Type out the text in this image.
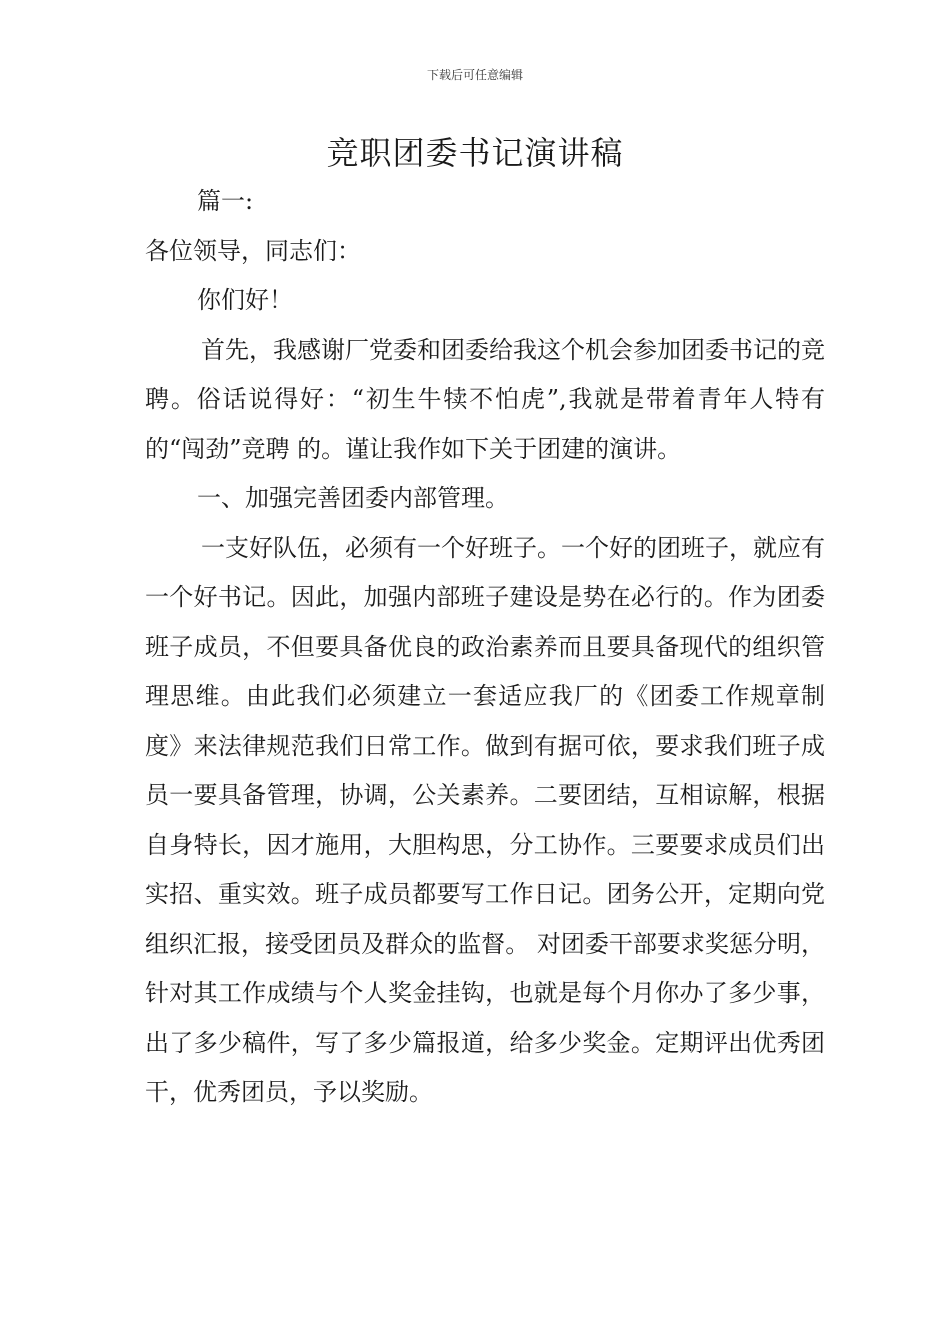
下载后可任意编辑
竞职团委书记演讲稿

篇一:

各位领导，同志们：

你们好！

首先，我感谢厂党委和团委给我这个机会参加团委书记的竞聘。俗话说得好：“初生牛犊不怕虎”,我就是带着青年人特有的“闯劲”竞聘 的。谨让我作如下关于团建的演讲。

一、加强完善团委内部管理。

一支好队伍，必须有一个好班子。一个好的团班子，就应有一个好书记。因此，加强内部班子建设是势在必行的。作为团委班子成员，不但要具备优良的政治素养而且要具备现代的组织管理思维。由此我们必须建立一套适应我厂的《团委工作规章制度》来法律规范我们日常工作。做到有据可依，要求我们班子成员一要具备管理，协调，公关素养。二要团结，互相谅解，根据自身特长，因才施用，大胆构思，分工协作。三要要求成员们出实招、重实效。班子成员都要写工作日记。团务公开，定期向党组织汇报，接受团员及群众的监督。 对团委干部要求奖惩分明，针对其工作成绩与个人奖金挂钩，也就是每个月你办了多少事，出了多少稿件，写了多少篇报道，给多少奖金。定期评出优秀团干，优秀团员，予以奖励。
